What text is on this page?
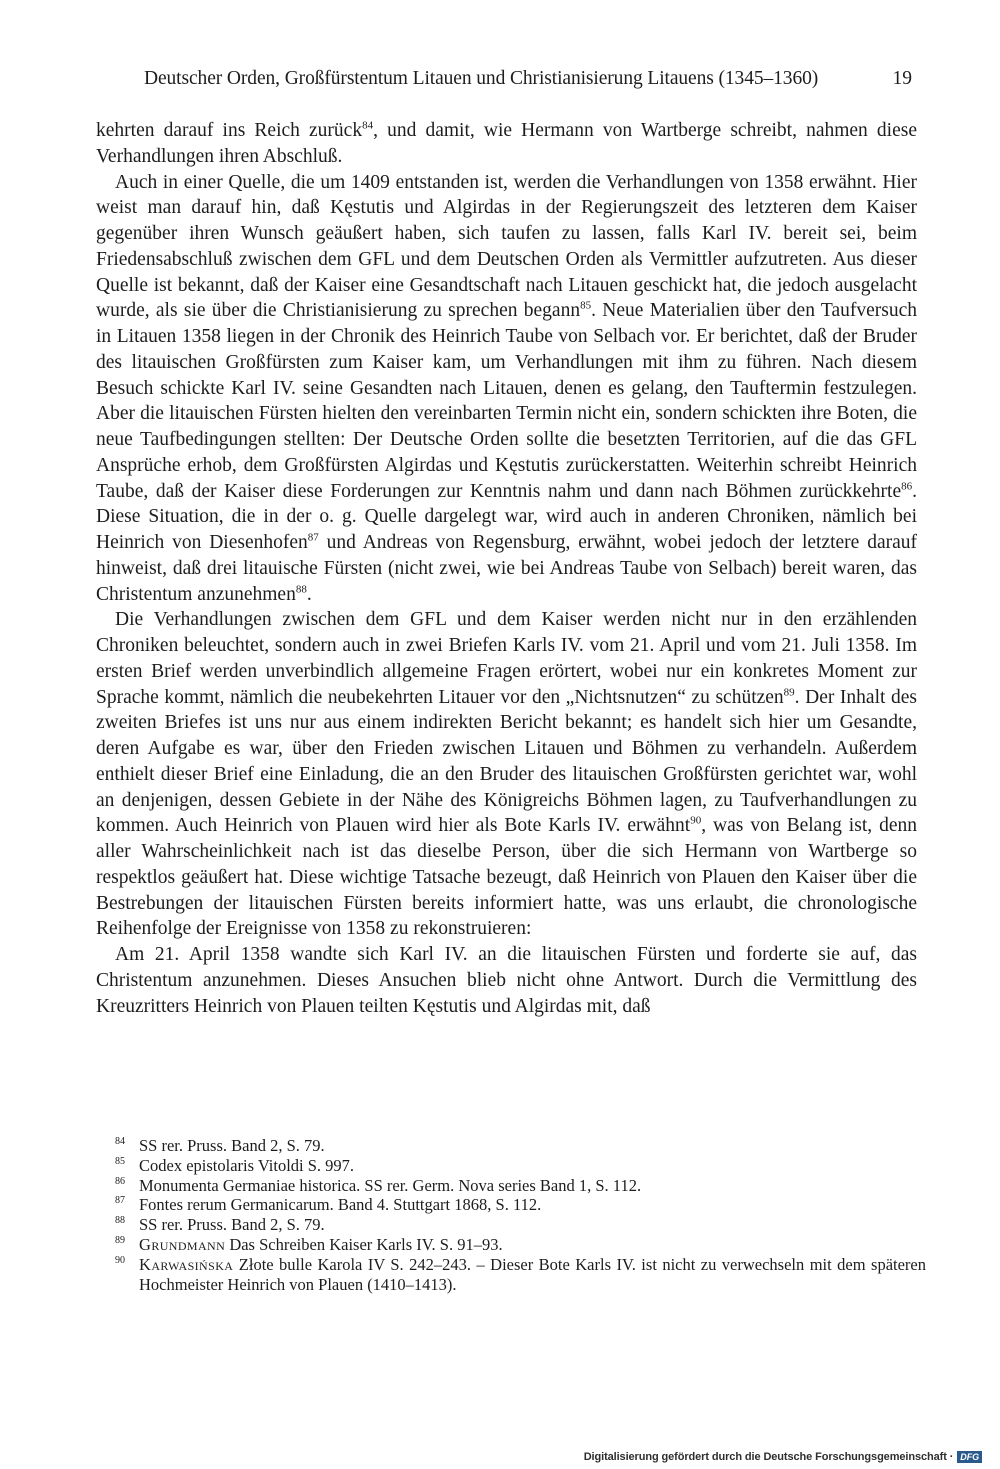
Deutscher Orden, Großfürstentum Litauen und Christianisierung Litauens (1345–1360)	19

kehrten darauf ins Reich zurück$^{84}$, und damit, wie Hermann von Wartberge schreibt, nahmen diese Verhandlungen ihren Abschluß.

Auch in einer Quelle, die um 1409 entstanden ist, werden die Verhandlungen von 1358 erwähnt. Hier weist man darauf hin, daß Kęstutis und Algirdas in der Regierungszeit des letzteren dem Kaiser gegenüber ihren Wunsch geäußert haben, sich taufen zu lassen, falls Karl IV. bereit sei, beim Friedensabschluß zwischen dem GFL und dem Deutschen Orden als Vermittler aufzutreten. Aus dieser Quelle ist bekannt, daß der Kaiser eine Gesandtschaft nach Litauen geschickt hat, die jedoch ausgelacht wurde, als sie über die Christianisierung zu sprechen begann$^{85}$. Neue Materialien über den Taufversuch in Litauen 1358 liegen in der Chronik des Heinrich Taube von Selbach vor. Er berichtet, daß der Bruder des litauischen Großfürsten zum Kaiser kam, um Verhandlungen mit ihm zu führen. Nach diesem Besuch schickte Karl IV. seine Gesandten nach Litauen, denen es gelang, den Tauftermin festzulegen. Aber die litauischen Fürsten hielten den vereinbarten Termin nicht ein, sondern schickten ihre Boten, die neue Taufbedingungen stellten: Der Deutsche Orden sollte die besetzten Territorien, auf die das GFL Ansprüche erhob, dem Großfürsten Algirdas und Kęstutis zurückerstatten. Weiterhin schreibt Heinrich Taube, daß der Kaiser diese Forderungen zur Kenntnis nahm und dann nach Böhmen zurückkehrte$^{86}$. Diese Situation, die in der o. g. Quelle dargelegt war, wird auch in anderen Chroniken, nämlich bei Heinrich von Diesenhofen$^{87}$ und Andreas von Regensburg, erwähnt, wobei jedoch der letztere darauf hinweist, daß drei litauische Fürsten (nicht zwei, wie bei Andreas Taube von Selbach) bereit waren, das Christentum anzunehmen$^{88}$.

Die Verhandlungen zwischen dem GFL und dem Kaiser werden nicht nur in den erzählenden Chroniken beleuchtet, sondern auch in zwei Briefen Karls IV. vom 21. April und vom 21. Juli 1358. Im ersten Brief werden unverbindlich allgemeine Fragen erörtert, wobei nur ein konkretes Moment zur Sprache kommt, nämlich die neubekehrten Litauer vor den „Nichtsnutzen“ zu schützen$^{89}$. Der Inhalt des zweiten Briefes ist uns nur aus einem indirekten Bericht bekannt; es handelt sich hier um Gesandte, deren Aufgabe es war, über den Frieden zwischen Litauen und Böhmen zu verhandeln. Außerdem enthielt dieser Brief eine Einladung, die an den Bruder des litauischen Großfürsten gerichtet war, wohl an denjenigen, dessen Gebiete in der Nähe des Königreichs Böhmen lagen, zu Taufverhandlungen zu kommen. Auch Heinrich von Plauen wird hier als Bote Karls IV. erwähnt$^{90}$, was von Belang ist, denn aller Wahrscheinlichkeit nach ist das dieselbe Person, über die sich Hermann von Wartberge so respektlos geäußert hat. Diese wichtige Tatsache bezeugt, daß Heinrich von Plauen den Kaiser über die Bestrebungen der litauischen Fürsten bereits informiert hatte, was uns erlaubt, die chronologische Reihenfolge der Ereignisse von 1358 zu rekonstruieren:

Am 21. April 1358 wandte sich Karl IV. an die litauischen Fürsten und forderte sie auf, das Christentum anzunehmen. Dieses Ansuchen blieb nicht ohne Antwort. Durch die Vermittlung des Kreuzritters Heinrich von Plauen teilten Kęstutis und Algirdas mit, daß

84 SS rer. Pruss. Band 2, S. 79.
85 Codex epistolaris Vitoldi S. 997.
86 Monumenta Germaniae historica. SS rer. Germ. Nova series Band 1, S. 112.
87 Fontes rerum Germanicarum. Band 4. Stuttgart 1868, S. 112.
88 SS rer. Pruss. Band 2, S. 79.
89 Grundmann Das Schreiben Kaiser Karls IV. S. 91–93.
90 Karwasińska Złote bulle Karola IV S. 242–243. – Dieser Bote Karls IV. ist nicht zu verwechseln mit dem späteren Hochmeister Heinrich von Plauen (1410–1413).
Digitalisierung gefördert durch die Deutsche Forschungsgemeinschaft · DFG
